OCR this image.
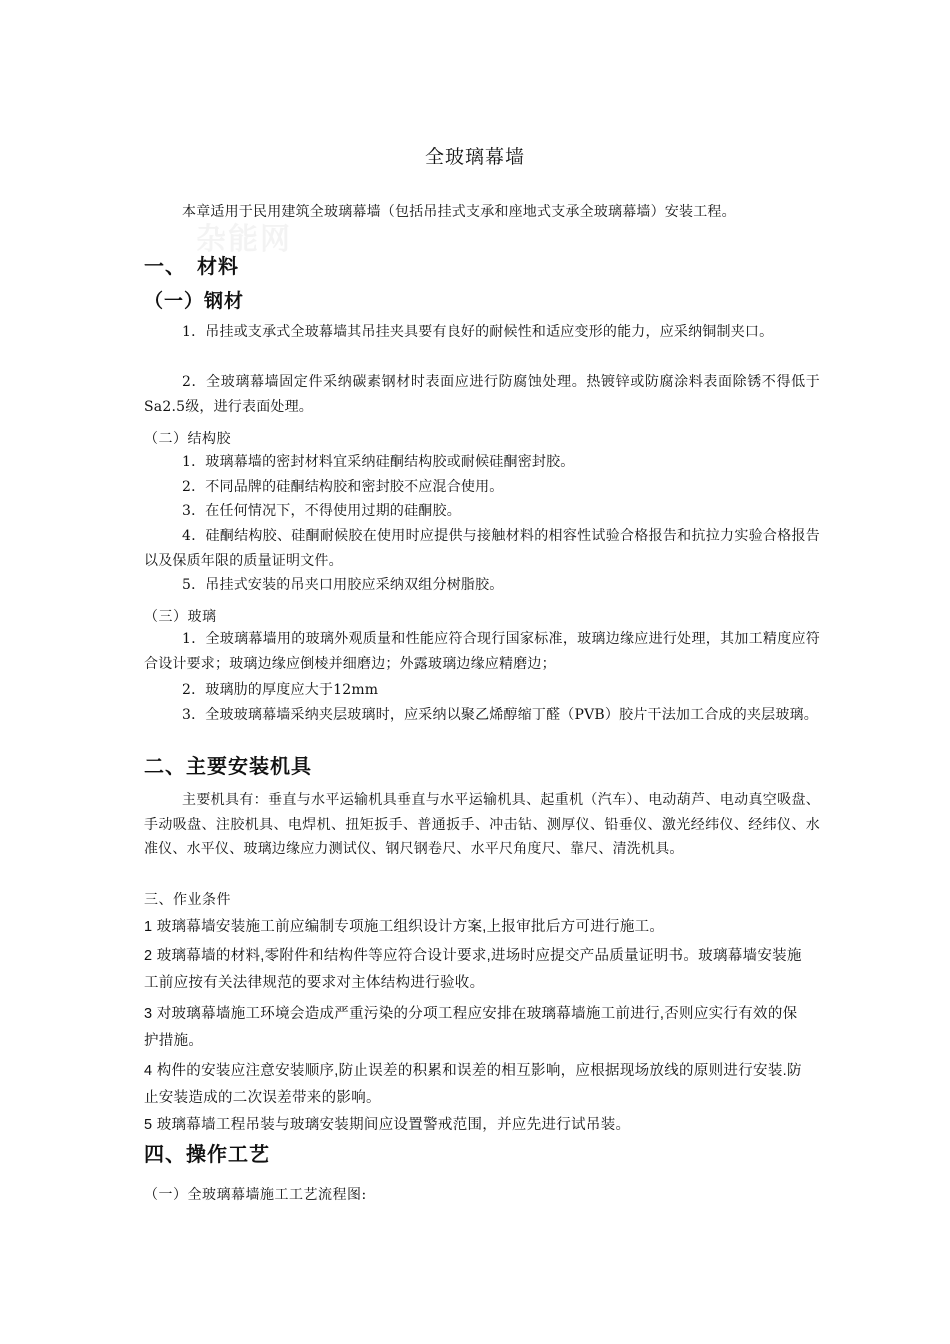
全玻璃幕墙

本章适用于民用建筑全玻璃幕墙（包括吊挂式支承和座地式支承全玻璃幕墙）安装工程。

一、　材料
（一）钢材

1．吊挂或支承式全玻幕墙其吊挂夹具要有良好的耐候性和适应变形的能力，应采纳铜制夹口。

2．全玻璃幕墙固定件采纳碳素钢材时表面应进行防腐蚀处理。热镀锌或防腐涂料表面除锈不得低于Sa2.5级，进行表面处理。

（二）结构胶

1．玻璃幕墙的密封材料宜采纳硅酮结构胶或耐候硅酮密封胶。

2．不同品牌的硅酮结构胶和密封胶不应混合使用。

3．在任何情况下，不得使用过期的硅酮胶。

4．硅酮结构胶、硅酮耐候胶在使用时应提供与接触材料的相容性试验合格报告和抗拉力实验合格报告以及保质年限的质量证明文件。

5．吊挂式安装的吊夹口用胶应采纳双组分树脂胶。

（三）玻璃

1．全玻璃幕墙用的玻璃外观质量和性能应符合现行国家标准，玻璃边缘应进行处理，其加工精度应符合设计要求；玻璃边缘应倒棱并细磨边；外露玻璃边缘应精磨边；

2．玻璃肋的厚度应大于12mm

3．全玻玻璃幕墙采纳夹层玻璃时，应采纳以聚乙烯醇缩丁醛（PVB）胶片干法加工合成的夹层玻璃。

二、主要安装机具

主要机具有：垂直与水平运输机具垂直与水平运输机具、起重机（汽车）、电动葫芦、电动真空吸盘、手动吸盘、注胶机具、电焊机、扭矩扳手、普通扳手、冲击钻、测厚仪、铅垂仪、激光经纬仪、经纬仪、水准仪、水平仪、玻璃边缘应力测试仪、钢尺钢卷尺、水平尺角度尺、靠尺、清洗机具。

三、作业条件

1 玻璃幕墙安装施工前应编制专项施工组织设计方案,上报审批后方可进行施工。

2 玻璃幕墙的材料,零附件和结构件等应符合设计要求,进场时应提交产品质量证明书。玻璃幕墙安装施工前应按有关法律规范的要求对主体结构进行验收。

3 对玻璃幕墙施工环境会造成严重污染的分项工程应安排在玻璃幕墙施工前进行,否则应实行有效的保护措施。

4 构件的安装应注意安装顺序,防止误差的积累和误差的相互影响，应根据现场放线的原则进行安装.防止安装造成的二次误差带来的影响。

5 玻璃幕墙工程吊装与玻璃安装期间应设置警戒范围，并应先进行试吊装。

四、操作工艺
（一）全玻璃幕墙施工工艺流程图:
